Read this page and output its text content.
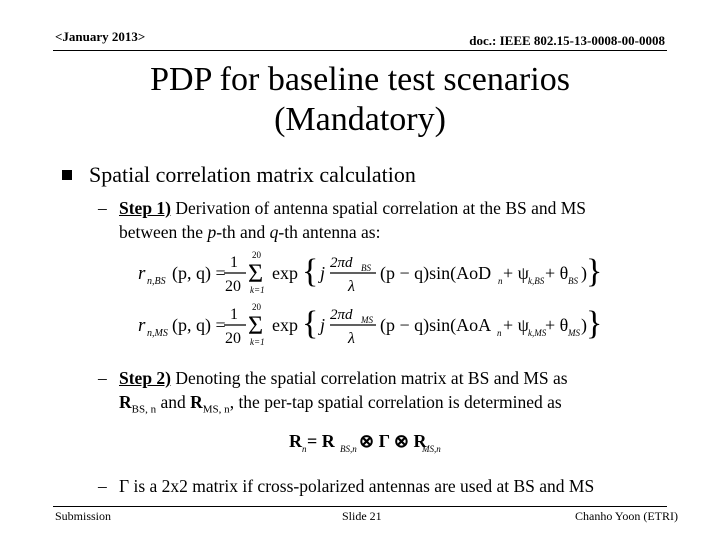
<January 2013>	doc.: IEEE 802.15-13-0008-00-0008
PDP for baseline test scenarios
(Mandatory)
Spatial correlation matrix calculation
– Step 1) Derivation of antenna spatial correlation at the BS and MS
between the p-th and q-th antenna as:
r n,BS (p, q) =
1
20
20
Σ
k=1
exp { j 2πd BS
λ
(p − q)sin(AoD n + ψ k,BS + θ BS ) }
r n,MS (p, q) =
1
20
20
Σ
k=1
exp { j 2πd MS
λ
(p − q)sin(AoA n + ψ k,MS
+ θ MS ) }
– Step 2) Denoting the spatial correlation matrix at BS and MS as
$R_{BS, n}$ and $R_{MS, n}$, the per-tap spatial correlation is determined as
R n = R BS,n ⊗ Γ ⊗ R
MS,n
– Γ is a 2x2 matrix if cross-polarized antennas are used at BS and MS
Submission	Slide 21	Chanho Yoon (ETRI)
